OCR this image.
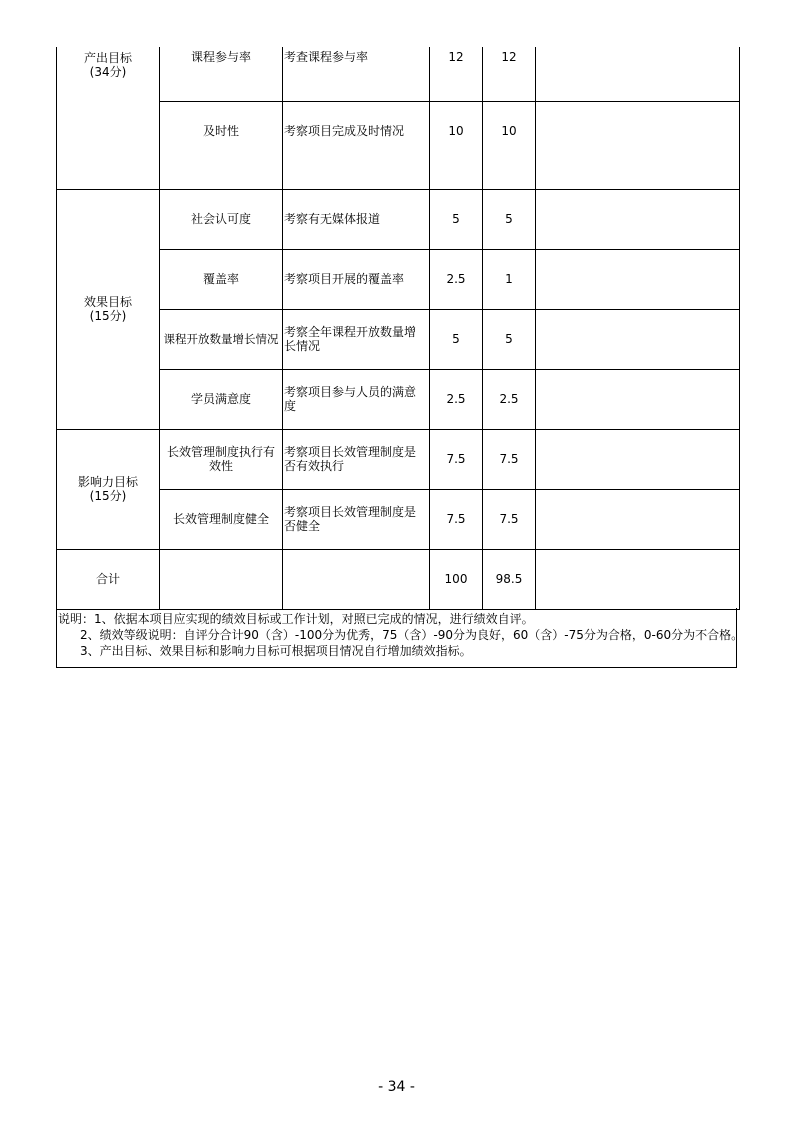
产出目标
(34分)	课程参与率	考查课程参与率	12	12	
	及时性	考察项目完成及时情况	10	10	

效果目标
(15分)	社会认可度	考察有无媒体报道	5	5	
	覆盖率	考察项目开展的覆盖率	2.5	1	
	课程开放数量增长情况	考察全年课程开放数量增长情况	5	5	
	学员满意度	考察项目参与人员的满意度	2.5	2.5	

影响力目标
(15分)	长效管理制度执行有效性	考察项目长效管理制度是否有效执行	7.5	7.5	
	长效管理制度健全	考察项目长效管理制度是否健全	7.5	7.5	
合计			100	98.5	
说明：1、依据本项目应实现的绩效目标或工作计划，对照已完成的情况，进行绩效自评。
2、绩效等级说明：自评分合计90（含）-100分为优秀，75（含）-90分为良好，60（含）-75分为合格，0-60分为不合格。
3、产出目标、效果目标和影响力目标可根据项目情况自行增加绩效指标。
- 34 -
